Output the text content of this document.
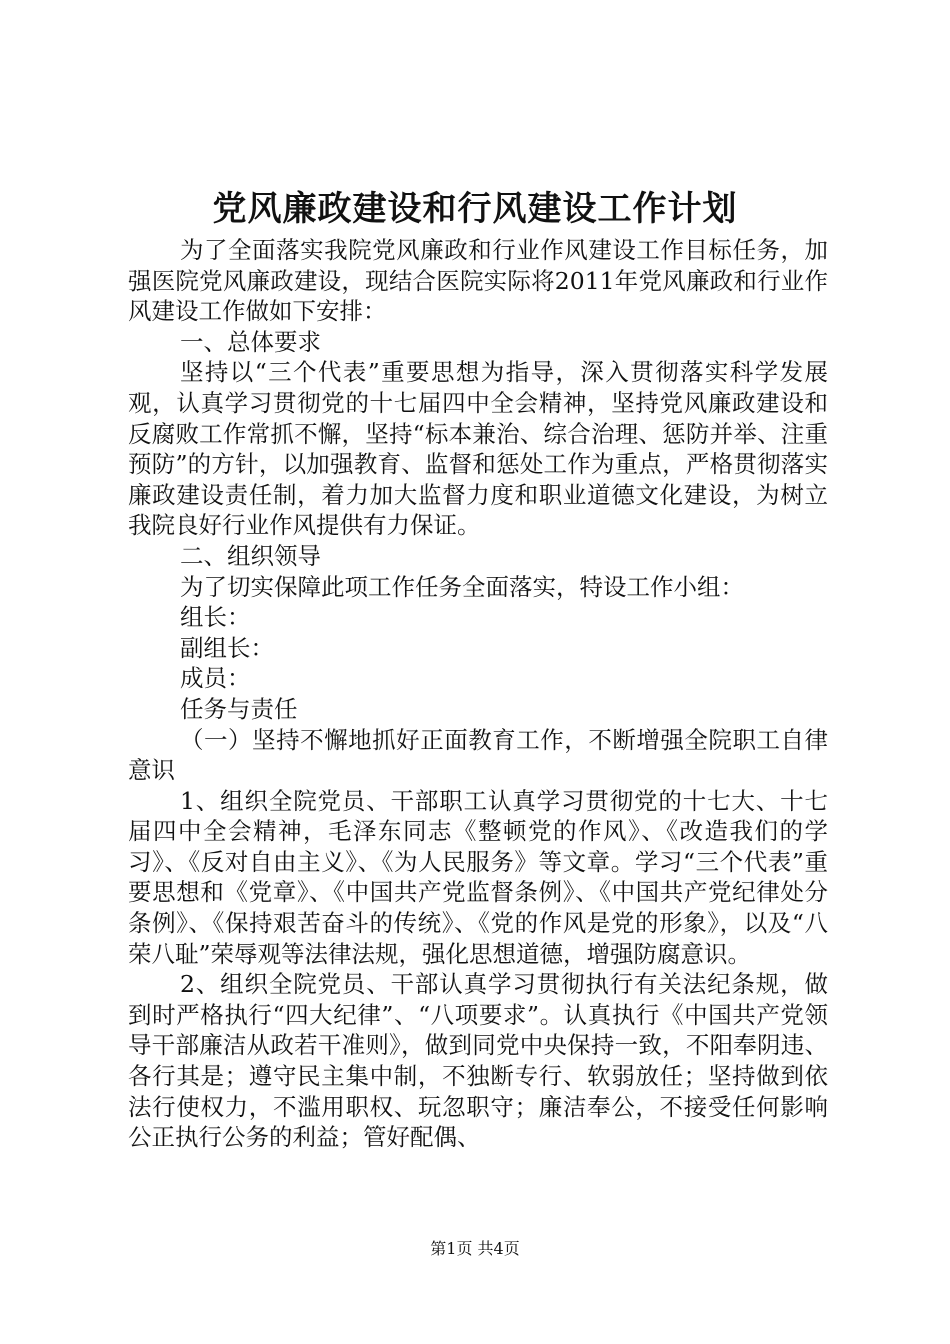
党风廉政建设和行风建设工作计划

为了全面落实我院党风廉政和行业作风建设工作目标任务，加强医院党风廉政建设，现结合医院实际将2011年党风廉政和行业作风建设工作做如下安排：

一、总体要求

坚持以“三个代表”重要思想为指导，深入贯彻落实科学发展观，认真学习贯彻党的十七届四中全会精神，坚持党风廉政建设和反腐败工作常抓不懈，坚持“标本兼治、综合治理、惩防并举、注重预防”的方针，以加强教育、监督和惩处工作为重点，严格贯彻落实廉政建设责任制，着力加大监督力度和职业道德文化建设，为树立我院良好行业作风提供有力保证。

二、组织领导

为了切实保障此项工作任务全面落实，特设工作小组：

组长：

副组长：

成员：

任务与责任

（一）坚持不懈地抓好正面教育工作，不断增强全院职工自律意识

1、组织全院党员、干部职工认真学习贯彻党的十七大、十七届四中全会精神，毛泽东同志《整顿党的作风》、《改造我们的学习》、《反对自由主义》、《为人民服务》等文章。学习“三个代表”重要思想和《党章》、《中国共产党监督条例》、《中国共产党纪律处分条例》、《保持艰苦奋斗的传统》、《党的作风是党的形象》，以及“八荣八耻”荣辱观等法律法规，强化思想道德，增强防腐意识。

2、组织全院党员、干部认真学习贯彻执行有关法纪条规，做到时严格执行“四大纪律”、“八项要求”。认真执行《中国共产党领导干部廉洁从政若干准则》，做到同党中央保持一致，不阳奉阴违、各行其是；遵守民主集中制，不独断专行、软弱放任；坚持做到依法行使权力，不滥用职权、玩忽职守；廉洁奉公，不接受任何影响公正执行公务的利益；管好配偶、

第1页 共4页
